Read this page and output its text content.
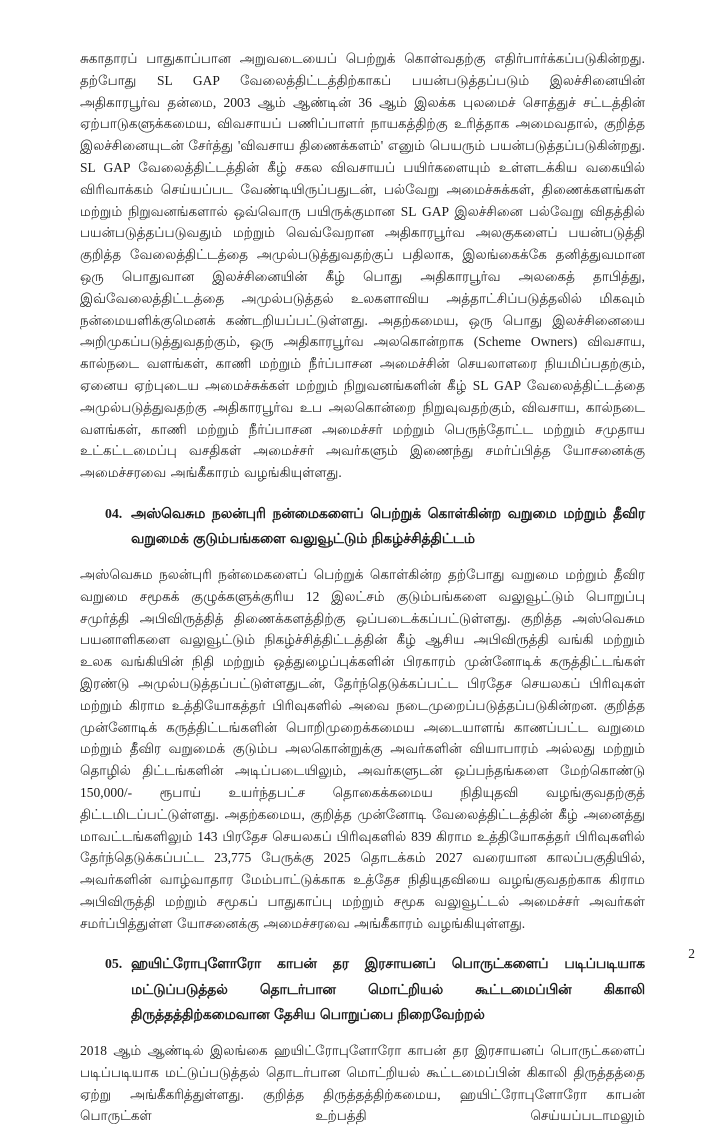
சுகாதாரப் பாதுகாப்பான அறுவடையைப் பெற்றுக் கொள்வதற்கு எதிர்பார்க்கப்படுகின்றது. தற்போது SL GAP வேலைத்திட்டத்திற்காகப் பயன்படுத்தப்படும் இலச்சினையின் அதிகாரபூர்வ தன்மை, 2003 ஆம் ஆண்டின் 36 ஆம் இலக்க புலமைச் சொத்துச் சட்டத்தின் ஏற்பாடுகளுக்கமைய, விவசாயப் பணிப்பாளர் நாயகத்திற்கு உரித்தாக அமைவதால், குறித்த இலச்சினையுடன் சேர்த்து 'விவசாய திணைக்களம்' எனும் பெயரும் பயன்படுத்தப்படுகின்றது. SL GAP வேலைத்திட்டத்தின் கீழ் சகல விவசாயப் பயிர்களையும் உள்ளடக்கிய வகையில் விரிவாக்கம் செய்யப்பட வேண்டியிருப்பதுடன், பல்வேறு அமைச்சுக்கள், திணைக்களங்கள் மற்றும் நிறுவனங்களால் ஒவ்வொரு பயிருக்குமான SL GAP இலச்சினை பல்வேறு விதத்தில் பயன்படுத்தப்படுவதும் மற்றும் வெவ்வேறான அதிகாரபூர்வ அலகுகளைப் பயன்படுத்தி குறித்த வேலைத்திட்டத்தை அமுல்படுத்துவதற்குப் பதிலாக, இலங்கைக்கே தனித்துவமான ஒரு பொதுவான இலச்சினையின் கீழ் பொது அதிகாரபூர்வ அலகைத் தாபித்து, இவ்வேலைத்திட்டத்தை அமுல்படுத்தல் உலகளாவிய அத்தாட்சிப்படுத்தலில் மிகவும் நன்மையளிக்குமெனக் கண்டறியப்பட்டுள்ளது. அதற்கமைய, ஒரு பொது இலச்சினையை அறிமுகப்படுத்துவதற்கும், ஒரு அதிகாரபூர்வ அலகொன்றாக (Scheme Owners) விவசாய, கால்நடை வளங்கள், காணி மற்றும் நீர்ப்பாசன அமைச்சின் செயலாளரை நியமிப்பதற்கும், ஏனைய ஏற்புடைய அமைச்சுக்கள் மற்றும் நிறுவனங்களின் கீழ் SL GAP வேலைத்திட்டத்தை அமுல்படுத்துவதற்கு அதிகாரபூர்வ உப அலகொன்றை நிறுவுவதற்கும், விவசாய, கால்நடை வளங்கள், காணி மற்றும் நீர்ப்பாசன அமைச்சர் மற்றும் பெருந்தோட்ட மற்றும் சமுதாய உட்கட்டமைப்பு வசதிகள் அமைச்சர் அவர்களும் இணைந்து சமர்ப்பித்த யோசனைக்கு அமைச்சரவை அங்கீகாரம் வழங்கியுள்ளது.

04. அஸ்வெசும நலன்புரி நன்மைகளைப் பெற்றுக் கொள்கின்ற வறுமை மற்றும் தீவிர வறுமைக் குடும்பங்களை வலுவூட்டும் நிகழ்ச்சித்திட்டம்

அஸ்வெசும நலன்புரி நன்மைகளைப் பெற்றுக் கொள்கின்ற தற்போது வறுமை மற்றும் தீவிர வறுமை சமூகக் குழுக்களுக்குரிய 12 இலட்சம் குடும்பங்களை வலுவூட்டும் பொறுப்பு சமுர்த்தி அபிவிருத்தித் திணைக்களத்திற்கு ஒப்படைக்கப்பட்டுள்ளது. குறித்த அஸ்வெசும பயனாளிகளை வலுவூட்டும் நிகழ்ச்சித்திட்டத்தின் கீழ் ஆசிய அபிவிருத்தி வங்கி மற்றும் உலக வங்கியின் நிதி மற்றும் ஒத்துழைப்புக்களின் பிரகாரம் முன்னோடிக் கருத்திட்டங்கள் இரண்டு அமுல்படுத்தப்பட்டுள்ளதுடன், தேர்ந்தெடுக்கப்பட்ட பிரதேச செயலகப் பிரிவுகள் மற்றும் கிராம உத்தியோகத்தர் பிரிவுகளில் அவை நடைமுறைப்படுத்தப்படுகின்றன. குறித்த முன்னோடிக் கருத்திட்டங்களின் பொறிமுறைக்கமைய அடையாளங் காணப்பட்ட வறுமை மற்றும் தீவிர வறுமைக் குடும்ப அலகொன்றுக்கு அவர்களின் வியாபாரம் அல்லது மற்றும் தொழில் திட்டங்களின் அடிப்படையிலும், அவர்களுடன் ஒப்பந்தங்களை மேற்கொண்டு 150,000/- ரூபாய் உயர்ந்தபட்ச தொகைக்கமைய நிதியுதவி வழங்குவதற்குத் திட்டமிடப்பட்டுள்ளது. அதற்கமைய, குறித்த முன்னோடி வேலைத்திட்டத்தின் கீழ் அனைத்து மாவட்டங்களிலும் 143 பிரதேச செயலகப் பிரிவுகளில் 839 கிராம உத்தியோகத்தர் பிரிவுகளில் தேர்ந்தெடுக்கப்பட்ட 23,775 பேருக்கு 2025 தொடக்கம் 2027 வரையான காலப்பகுதியில், அவர்களின் வாழ்வாதார மேம்பாட்டுக்காக உத்தேச நிதியுதவியை வழங்குவதற்காக கிராம அபிவிருத்தி மற்றும் சமூகப் பாதுகாப்பு மற்றும் சமூக வலுவூட்டல் அமைச்சர் அவர்கள் சமர்ப்பித்துள்ள யோசனைக்கு அமைச்சரவை அங்கீகாரம் வழங்கியுள்ளது.

05. ஹயிட்ரோபுளோரோ காபன் தர இரசாயனப் பொருட்களைப் படிப்படியாக மட்டுப்படுத்தல் தொடர்பான மொட்றியல் கூட்டமைப்பின் கிகாலி திருத்தத்திற்கமைவான தேசிய பொறுப்பை நிறைவேற்றல்

2018 ஆம் ஆண்டில் இலங்கை ஹயிட்ரோபுளோரோ காபன் தர இரசாயனப் பொருட்களைப் படிப்படியாக மட்டுப்படுத்தல் தொடர்பான மொட்றியல் கூட்டமைப்பின் கிகாலி திருத்தத்தை ஏற்று அங்கீகரித்துள்ளது. குறித்த திருத்தத்திற்கமைய, ஹயிட்ரோபுளோரோ காபன் பொருட்கள் உற்பத்தி செய்யப்படாமலும்

2
